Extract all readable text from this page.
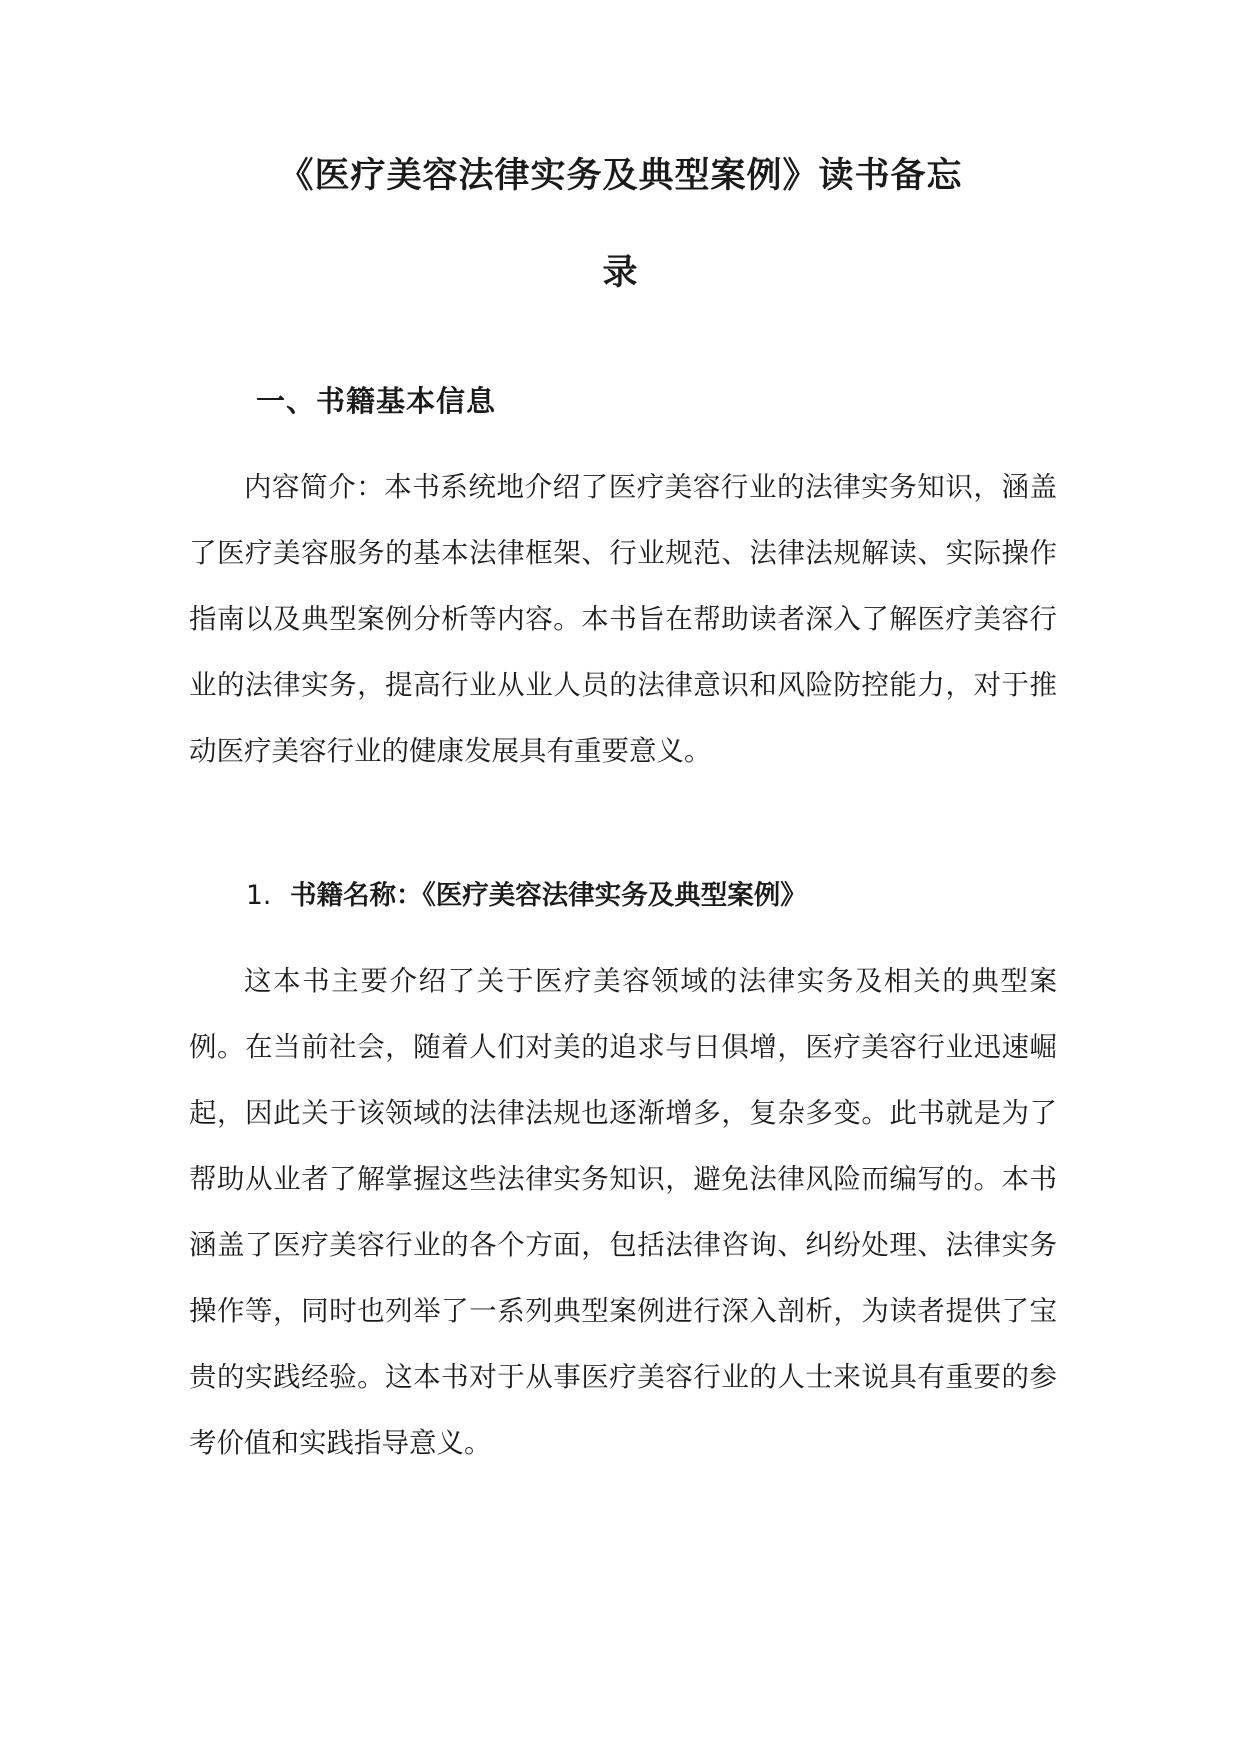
《医疗美容法律实务及典型案例》读书备忘
录
一、书籍基本信息

内容简介：本书系统地介绍了医疗美容行业的法律实务知识，涵盖了医疗美容服务的基本法律框架、行业规范、法律法规解读、实际操作指南以及典型案例分析等内容。本书旨在帮助读者深入了解医疗美容行业的法律实务，提高行业从业人员的法律意识和风险防控能力，对于推动医疗美容行业的健康发展具有重要意义。

1. 书籍名称：《医疗美容法律实务及典型案例》

这本书主要介绍了关于医疗美容领域的法律实务及相关的典型案例。在当前社会，随着人们对美的追求与日俱增，医疗美容行业迅速崛起，因此关于该领域的法律法规也逐渐增多，复杂多变。此书就是为了帮助从业者了解掌握这些法律实务知识，避免法律风险而编写的。本书涵盖了医疗美容行业的各个方面，包括法律咨询、纠纷处理、法律实务操作等，同时也列举了一系列典型案例进行深入剖析，为读者提供了宝贵的实践经验。这本书对于从事医疗美容行业的人士来说具有重要的参考价值和实践指导意义。
